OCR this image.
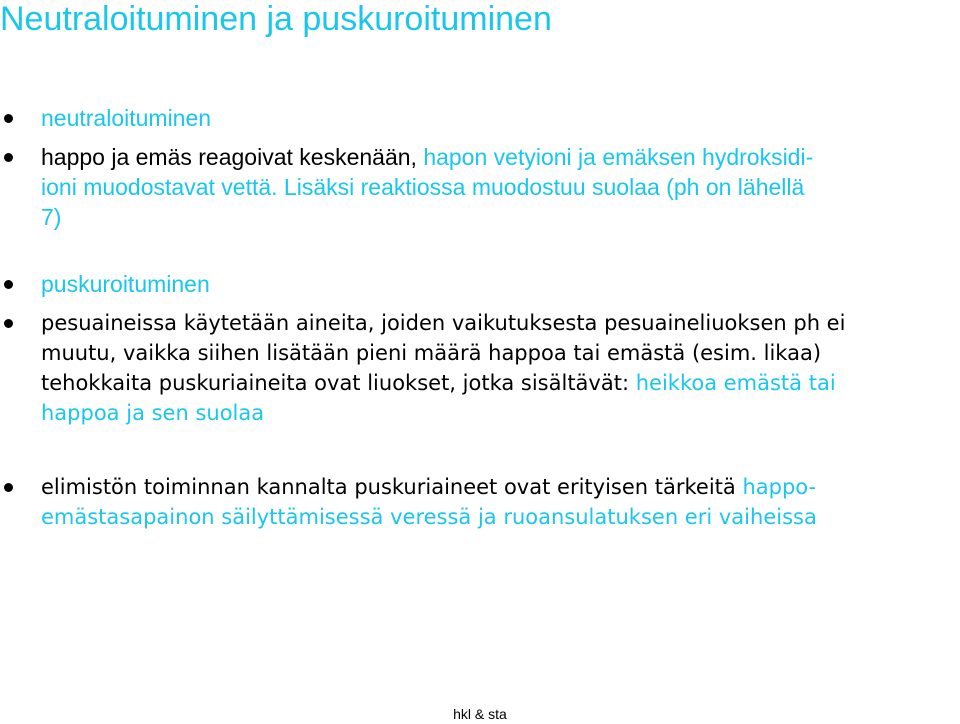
Neutraloituminen ja puskuroituminen
neutraloituminen
happo ja emäs reagoivat keskenään, hapon vetyioni ja emäksen hydroksidi-
ioni muodostavat vettä. Lisäksi reaktiossa muodostuu suolaa (ph on lähellä
7)
puskuroituminen
pesuaineissa käytetään aineita, joiden vaikutuksesta pesuaineliuoksen ph ei
muutu, vaikka siihen lisätään pieni määrä happoa tai emästä (esim. likaa)
tehokkaita puskuriaineita ovat liuokset, jotka sisältävät: heikkoa emästä tai
happoa ja sen suolaa
elimistön toiminnan kannalta puskuriaineet ovat erityisen tärkeitä happo-
emästasapainon säilyttämisessä veressä ja ruoansulatuksen eri vaiheissa
hkl & sta
